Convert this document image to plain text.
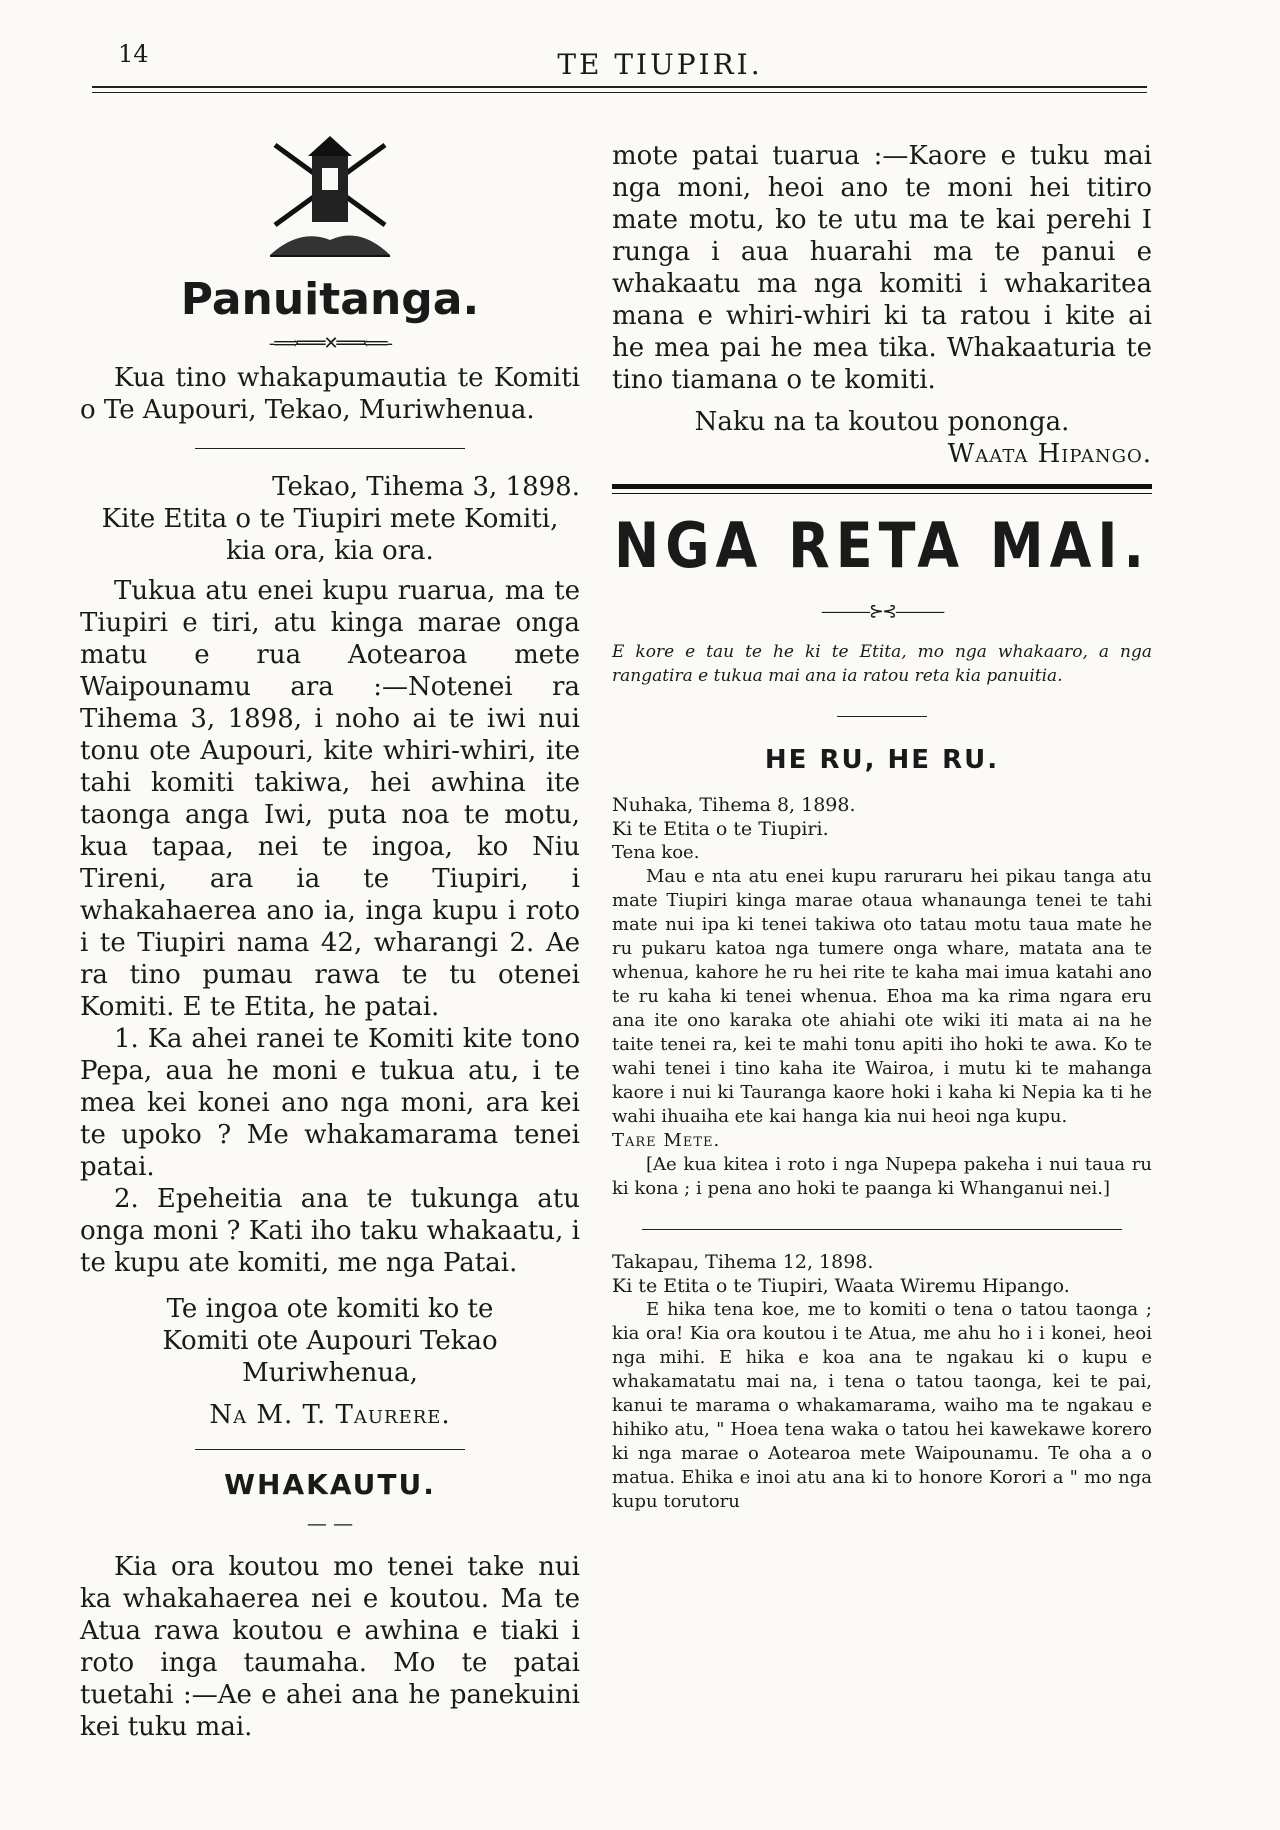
14	TE TIUPIRI.
Panuitanga.
-⟹═══✕═══⟸-

Kua tino whakapumautia te Komiti o Te Aupouri, Tekao, Muriwhenua.

Tekao, Tihema 3, 1898.

Kite Etita o te Tiupiri mete Komiti,

kia ora, kia ora.

Tukua atu enei kupu ruarua, ma te Tiupiri e tiri, atu kinga marae onga matu e rua Aotearoa mete Waipounamu ara :—Notenei ra Tihema 3, 1898, i noho ai te iwi nui tonu ote Aupouri, kite whiri-whiri, ite tahi komiti takiwa, hei awhina ite taonga anga Iwi, puta noa te motu, kua tapaa, nei te ingoa, ko Niu Tireni, ara ia te Tiupiri, i whakahaerea ano ia, inga kupu i roto i te Tiupiri nama 42, wharangi 2. Ae ra tino pumau rawa te tu otenei Komiti. E te Etita, he patai.

1. Ka ahei ranei te Komiti kite tono Pepa, aua he moni e tukua atu, i te mea kei konei ano nga moni, ara kei te upoko ? Me whakamarama tenei patai.

2. Epeheitia ana te tukunga atu onga moni ? Kati iho taku whakaatu, i te kupu ate komiti, me nga Patai.

Te ingoa ote komiti ko te

Komiti ote Aupouri Tekao Muriwhenua,

Na M. T. Taurere.

WHAKAUTU.
— —

Kia ora koutou mo tenei take nui ka whakahaerea nei e koutou. Ma te Atua rawa koutou e awhina e tiaki i roto inga taumaha. Mo te patai tuetahi :—Ae e ahei ana he panekuini kei tuku mai.

mote patai tuarua :—Kaore e tuku mai nga moni, heoi ano te moni hei titiro mate motu, ko te utu ma te kai perehi I runga i aua huarahi ma te panui e whakaatu ma nga komiti i whakaritea mana e whiri-whiri ki ta ratou i kite ai he mea pai he mea tika. Whakaaturia te tino tiamana o te komiti.

Naku na ta koutou pononga.

Waata Hipango.

NGA RETA MAI.
———⊱⊰———

E kore e tau te he ki te Etita, mo nga whakaaro, a nga rangatira e tukua mai ana ia ratou reta kia panuitia.

HE RU, HE RU.

Nuhaka, Tihema 8, 1898.

Ki te Etita o te Tiupiri.

Tena koe.

Mau e nta atu enei kupu raruraru hei pikau tanga atu mate Tiupiri kinga marae otaua whanaunga tenei te tahi mate nui ipa ki tenei takiwa oto tatau motu taua mate he ru pukaru katoa nga tumere onga whare, matata ana te whenua, kahore he ru hei rite te kaha mai imua katahi ano te ru kaha ki tenei whenua. Ehoa ma ka rima ngara eru ana ite ono karaka ote ahiahi ote wiki iti mata ai na he taite tenei ra, kei te mahi tonu apiti iho hoki te awa. Ko te wahi tenei i tino kaha ite Wairoa, i mutu ki te mahanga kaore i nui ki Tauranga kaore hoki i kaha ki Nepia ka ti he wahi ihuaiha ete kai hanga kia nui heoi nga kupu.

Tare Mete.

[Ae kua kitea i roto i nga Nupepa pakeha i nui taua ru ki kona ; i pena ano hoki te paanga ki Whanganui nei.]

Takapau, Tihema 12, 1898.

Ki te Etita o te Tiupiri, Waata Wiremu Hipango.

E hika tena koe, me to komiti o tena o tatou taonga ; kia ora! Kia ora koutou i te Atua, me ahu ho i i konei, heoi nga mihi. E hika e koa ana te ngakau ki o kupu e whakamatatu mai na, i tena o tatou taonga, kei te pai, kanui te marama o whakamarama, waiho ma te ngakau e hihiko atu, " Hoea tena waka o tatou hei kawekawe korero ki nga marae o Aotearoa mete Waipounamu. Te oha a o matua. Ehika e inoi atu ana ki to honore Korori a " mo nga kupu torutoru
